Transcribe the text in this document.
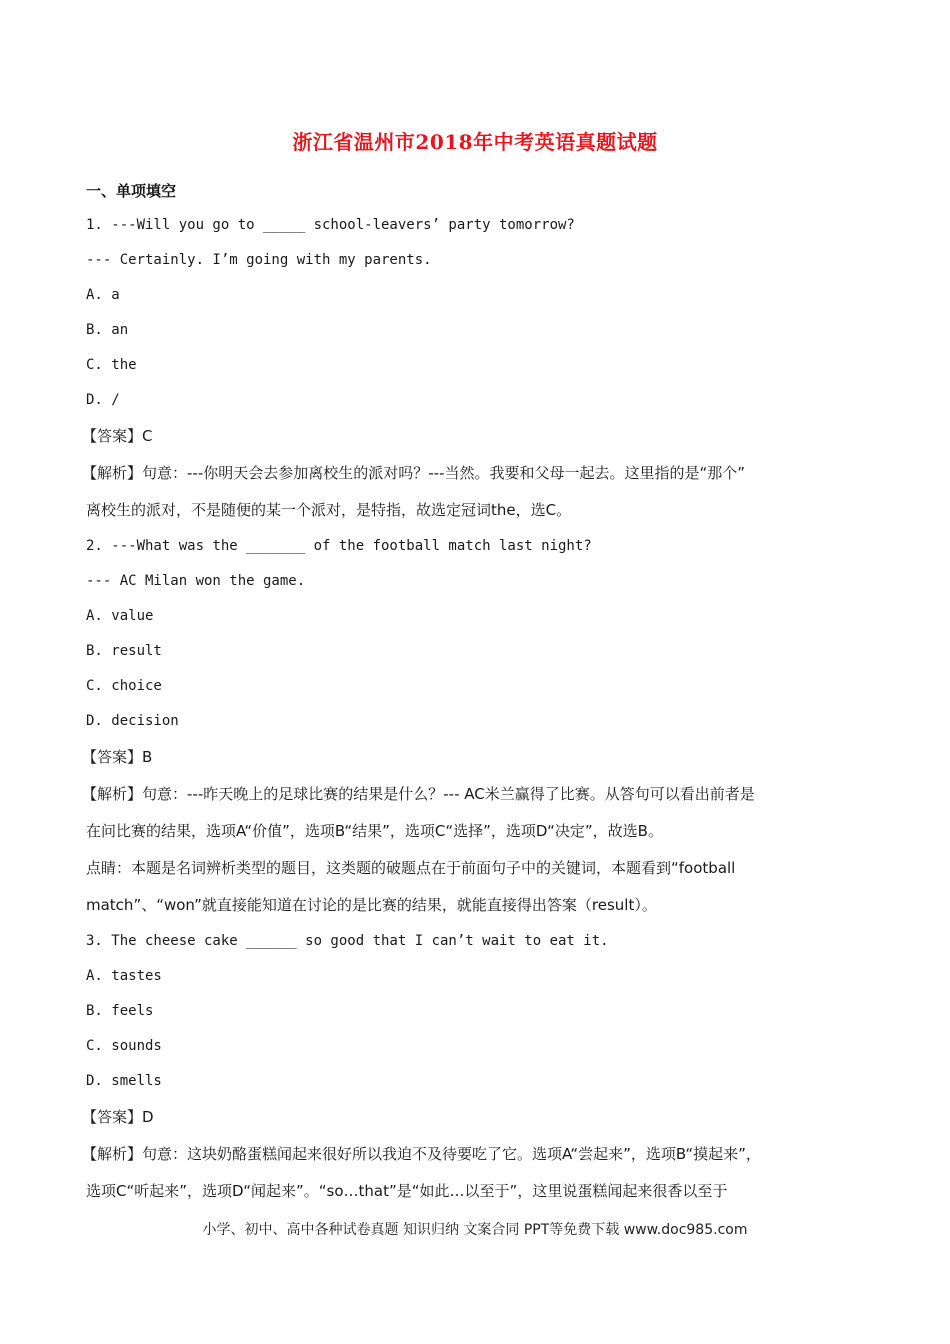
浙江省温州市2018年中考英语真题试题
一、单项填空
1. ---Will you go to _____ school-leavers’ party tomorrow?
--- Certainly. I’m going with my parents.
A. a
B. an
C. the
D. /
【答案】C
【解析】句意：---你明天会去参加离校生的派对吗？---当然。我要和父母一起去。这里指的是“那个”
离校生的派对，不是随便的某一个派对，是特指，故选定冠词the，选C。
2. ---What was the _______ of the football match last night?
--- AC Milan won the game.
A. value
B. result
C. choice
D. decision
【答案】B
【解析】句意：---昨天晚上的足球比赛的结果是什么？--- AC米兰赢得了比赛。从答句可以看出前者是
在问比赛的结果，选项A“价值”，选项B“结果”，选项C“选择”，选项D“决定”，故选B。
点睛：本题是名词辨析类型的题目，这类题的破题点在于前面句子中的关键词，本题看到“football
match”、“won”就直接能知道在讨论的是比赛的结果，就能直接得出答案（result）。
3. The cheese cake ______ so good that I can’t wait to eat it.
A. tastes
B. feels
C. sounds
D. smells
【答案】D
【解析】句意：这块奶酪蛋糕闻起来很好所以我迫不及待要吃了它。选项A“尝起来”，选项B“摸起来”，
选项C“听起来”，选项D“闻起来”。“so…that”是“如此…以至于”，这里说蛋糕闻起来很香以至于
小学、初中、高中各种试卷真题 知识归纳 文案合同 PPT等免费下载 www.doc985.com
